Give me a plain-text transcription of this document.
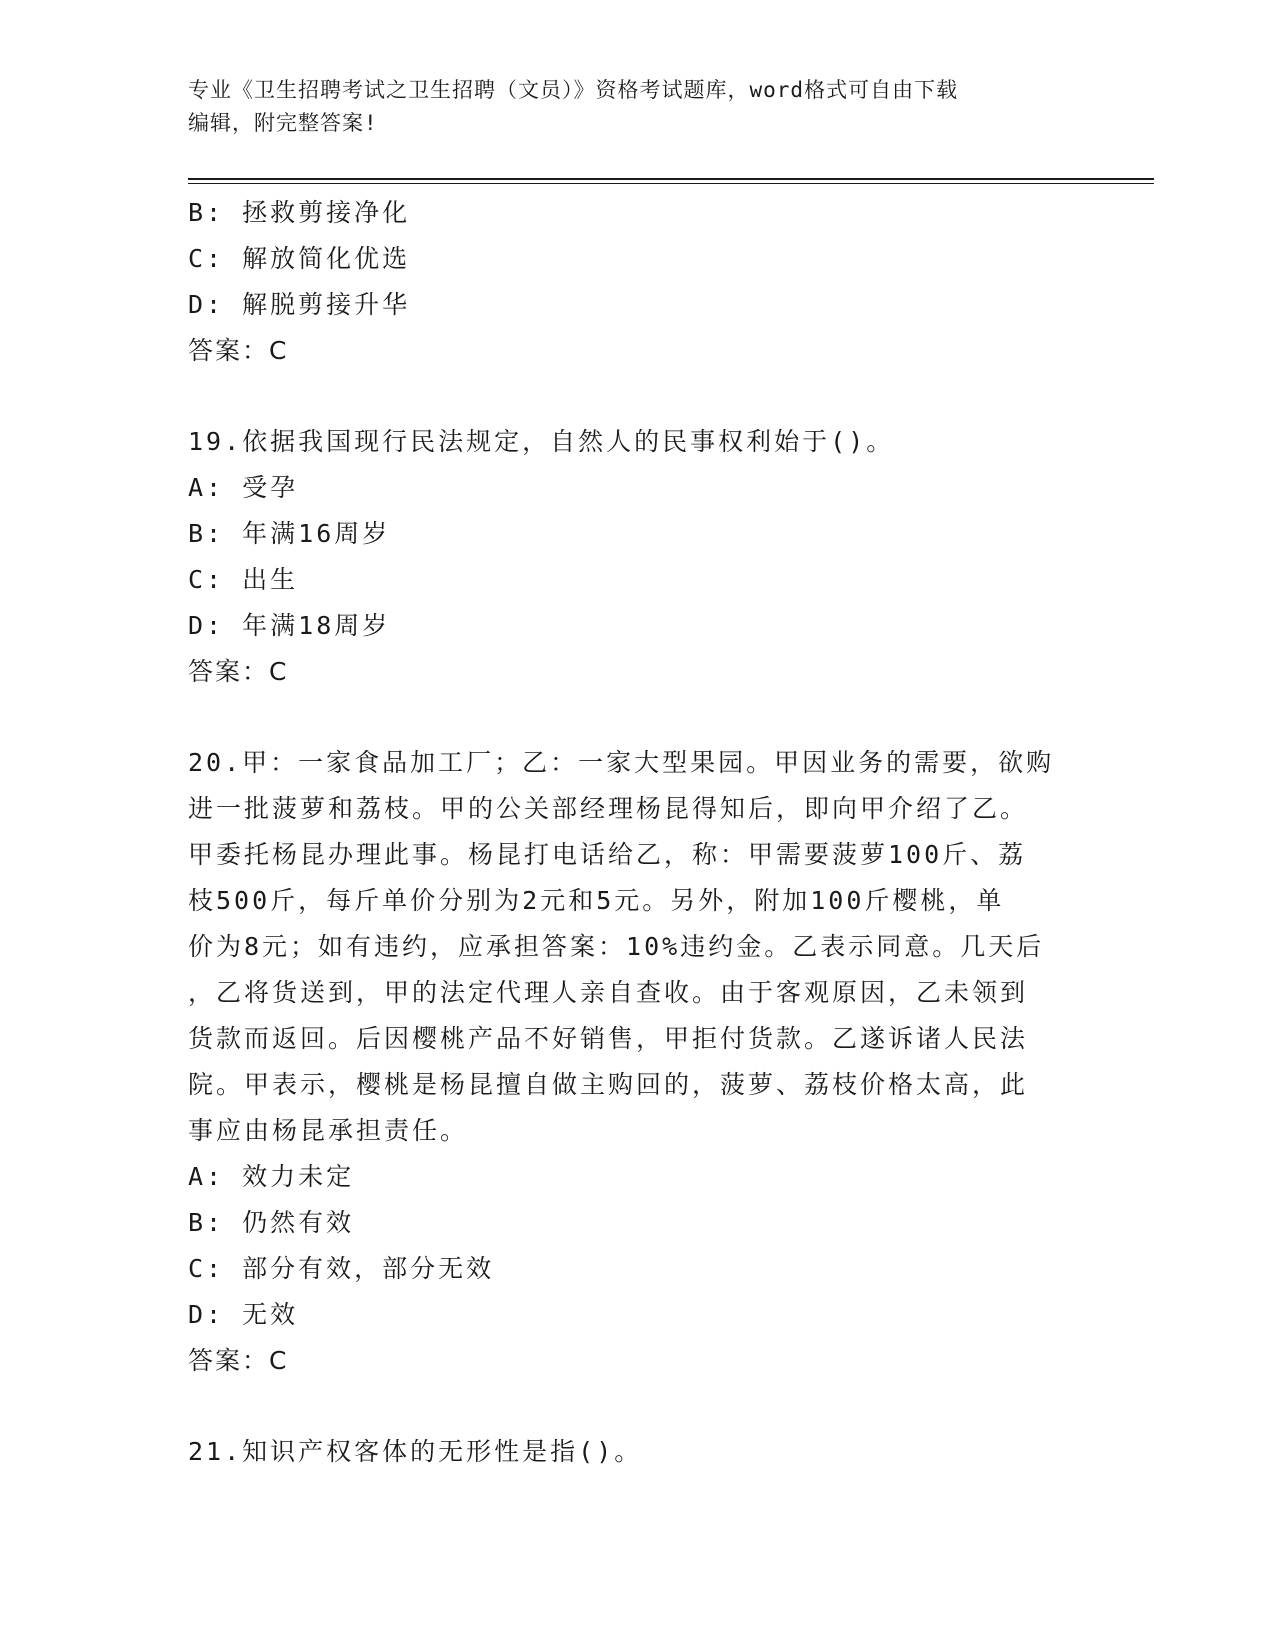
专业《卫生招聘考试之卫生招聘（文员）》资格考试题库，word格式可自由下载
编辑，附完整答案!
B: 拯救剪接净化
C: 解放简化优选
D: 解脱剪接升华
答案：C
19.依据我国现行民法规定，自然人的民事权利始于()。
A: 受孕
B: 年满16周岁
C: 出生
D: 年满18周岁
答案：C
20.甲：一家食品加工厂；乙：一家大型果园。甲因业务的需要，欲购
进一批菠萝和荔枝。甲的公关部经理杨昆得知后，即向甲介绍了乙。
甲委托杨昆办理此事。杨昆打电话给乙，称：甲需要菠萝100斤、荔
枝500斤，每斤单价分别为2元和5元。另外，附加100斤樱桃，单
价为8元；如有违约，应承担答案：10%违约金。乙表示同意。几天后
，乙将货送到，甲的法定代理人亲自查收。由于客观原因，乙未领到
货款而返回。后因樱桃产品不好销售，甲拒付货款。乙遂诉诸人民法
院。甲表示，樱桃是杨昆擅自做主购回的，菠萝、荔枝价格太高，此
事应由杨昆承担责任。
A: 效力未定
B: 仍然有效
C: 部分有效，部分无效
D: 无效
答案：C
21.知识产权客体的无形性是指()。
